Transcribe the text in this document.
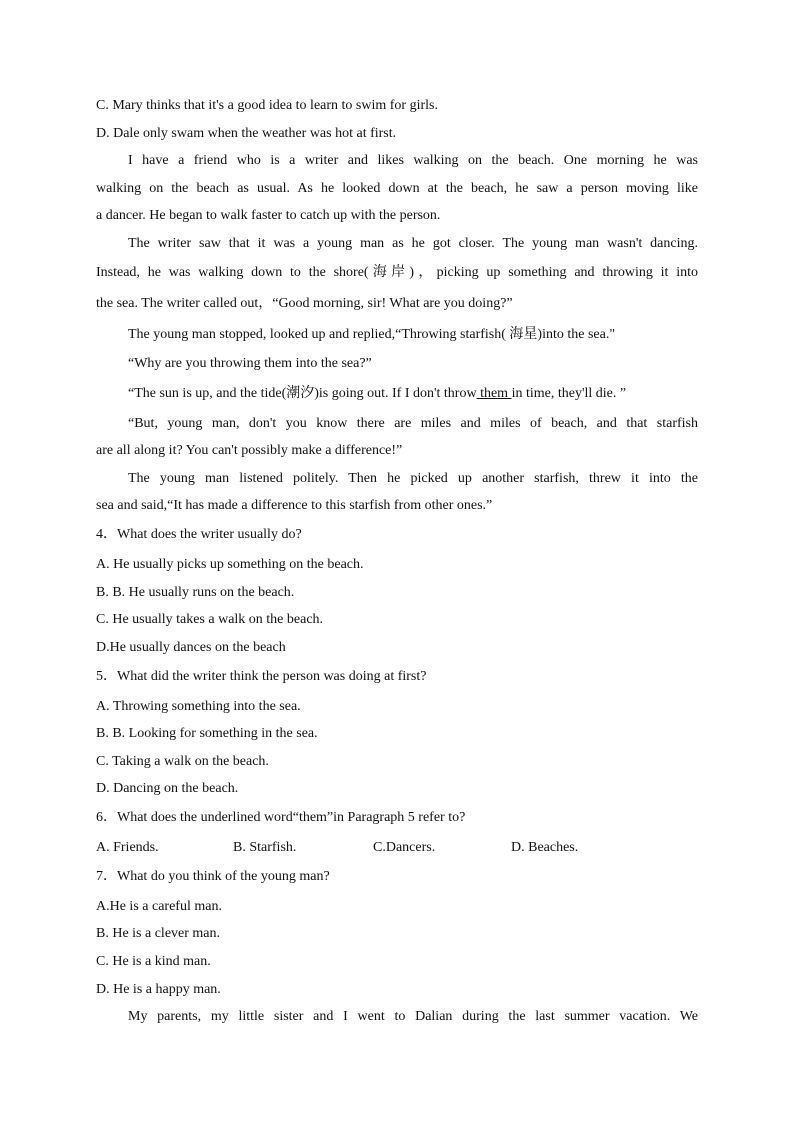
C. Mary thinks that it's a good idea to learn to swim for girls.
D. Dale only swam when the weather was hot at first.
I have a friend who is a writer and likes walking on the beach. One morning he was
walking on the beach as usual. As he looked down at the beach, he saw a person moving like
a dancer. He began to walk faster to catch up with the person.
The writer saw that it was a young man as he got closer. The young man wasn't dancing.
Instead, he was walking down to the shore(海岸)，picking up something and throwing it into
the sea. The writer called out，“Good morning, sir! What are you doing?”
The young man stopped, looked up and replied,“Throwing starfish( 海星)into the sea."
“Why are you throwing them into the sea?”
“The sun is up, and the tide(潮汐)is going out. If I don't throw them in time, they'll die. ”
“But, young man, don't you know there are miles and miles of beach, and that starfish
are all along it? You can't possibly make a difference!”
The young man listened politely. Then he picked up another starfish, threw it into the
sea and said,“It has made a difference to this starfish from other ones.”
4．What does the writer usually do?
A. He usually picks up something on the beach.
B. B. He usually runs on the beach.
C. He usually takes a walk on the beach.
D.He usually dances on the beach
5．What did the writer think the person was doing at first?
A. Throwing something into the sea.
B. B. Looking for something in the sea.
C. Taking a walk on the beach.
D. Dancing on the beach.
6．What does the underlined word“them”in Paragraph 5 refer to?
A. Friends.	B. Starfish.	C.Dancers.	D. Beaches.
7．What do you think of the young man?
A.He is a careful man.
B. He is a clever man.
C. He is a kind man.
D. He is a happy man.
My parents, my little sister and I went to Dalian during the last summer vacation. We
